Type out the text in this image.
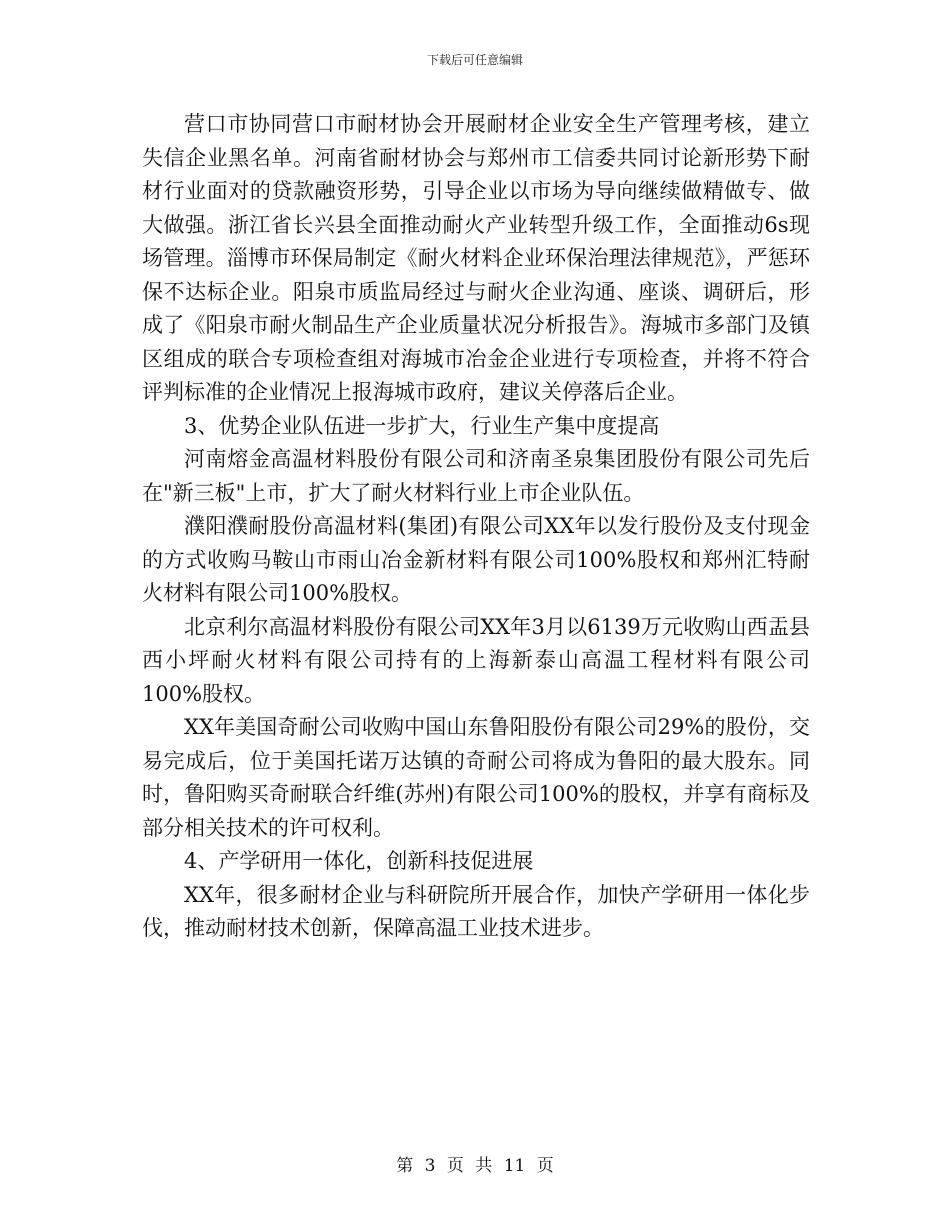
下载后可任意编辑

营口市协同营口市耐材协会开展耐材企业安全生产管理考核，建立失信企业黑名单。河南省耐材协会与郑州市工信委共同讨论新形势下耐材行业面对的贷款融资形势，引导企业以市场为导向继续做精做专、做大做强。浙江省长兴县全面推动耐火产业转型升级工作，全面推动6s现场管理。淄博市环保局制定《耐火材料企业环保治理法律规范》，严惩环保不达标企业。阳泉市质监局经过与耐火企业沟通、座谈、调研后，形成了《阳泉市耐火制品生产企业质量状况分析报告》。海城市多部门及镇区组成的联合专项检查组对海城市冶金企业进行专项检查，并将不符合评判标准的企业情况上报海城市政府，建议关停落后企业。

3、优势企业队伍进一步扩大，行业生产集中度提高

河南熔金高温材料股份有限公司和济南圣泉集团股份有限公司先后在"新三板"上市，扩大了耐火材料行业上市企业队伍。

濮阳濮耐股份高温材料(集团)有限公司XX年以发行股份及支付现金的方式收购马鞍山市雨山冶金新材料有限公司100%股权和郑州汇特耐火材料有限公司100%股权。

北京利尔高温材料股份有限公司XX年3月以6139万元收购山西盂县西小坪耐火材料有限公司持有的上海新泰山高温工程材料有限公司100%股权。

XX年美国奇耐公司收购中国山东鲁阳股份有限公司29%的股份，交易完成后，位于美国托诺万达镇的奇耐公司将成为鲁阳的最大股东。同时，鲁阳购买奇耐联合纤维(苏州)有限公司100%的股权，并享有商标及部分相关技术的许可权利。

4、产学研用一体化，创新科技促进展

XX年，很多耐材企业与科研院所开展合作，加快产学研用一体化步伐，推动耐材技术创新，保障高温工业技术进步。

第 3 页 共 11 页
